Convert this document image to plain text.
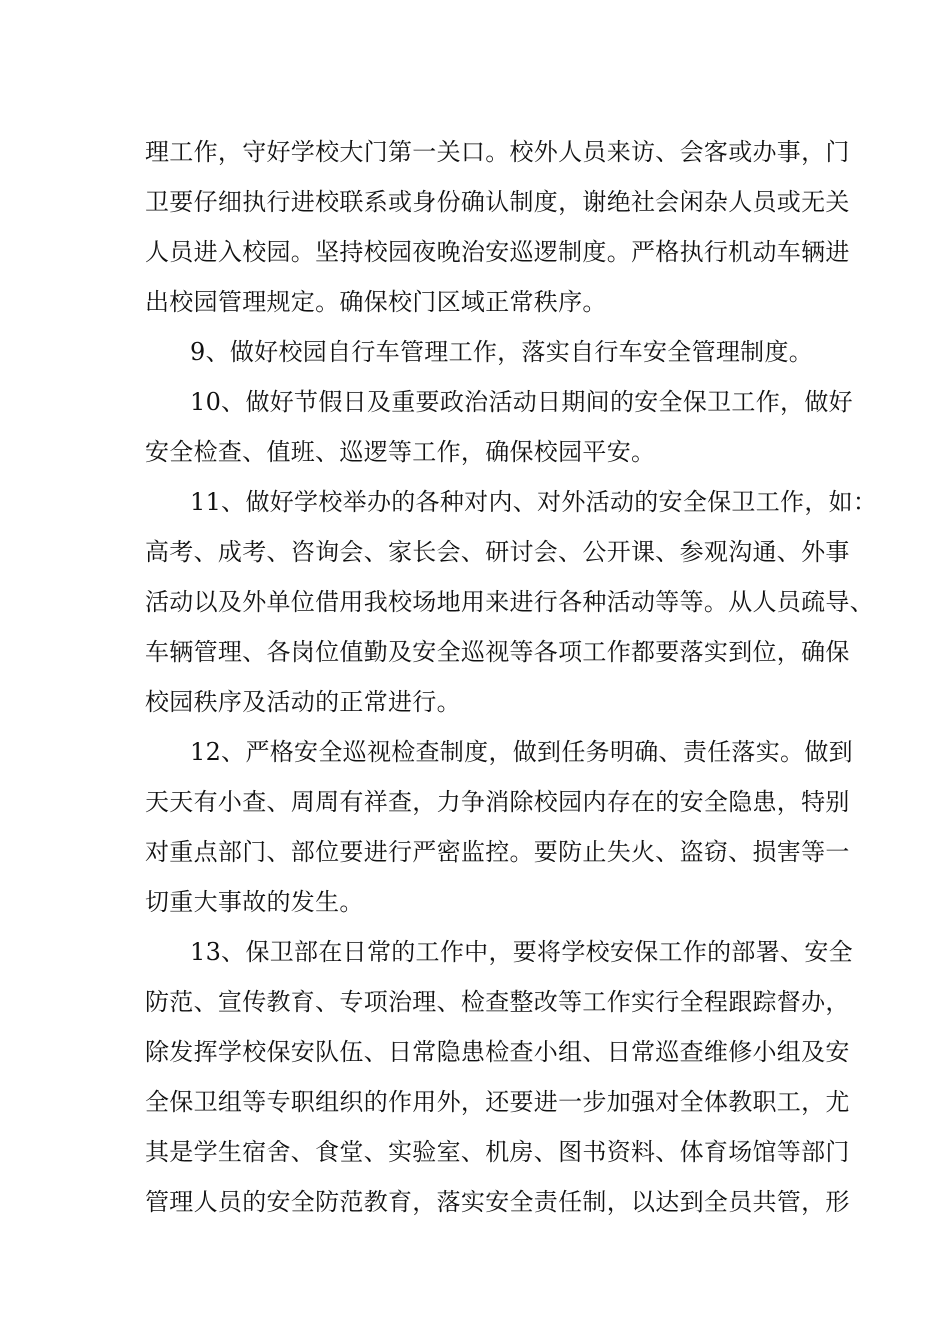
理工作，守好学校大门第一关口。校外人员来访、会客或办事，门
卫要仔细执行进校联系或身份确认制度，谢绝社会闲杂人员或无关
人员进入校园。坚持校园夜晚治安巡逻制度。严格执行机动车辆进
出校园管理规定。确保校门区域正常秩序。
9、做好校园自行车管理工作，落实自行车安全管理制度。
10、做好节假日及重要政治活动日期间的安全保卫工作，做好
安全检查、值班、巡逻等工作，确保校园平安。
11、做好学校举办的各种对内、对外活动的安全保卫工作，如：
高考、成考、咨询会、家长会、研讨会、公开课、参观沟通、外事
活动以及外单位借用我校场地用来进行各种活动等等。从人员疏导、
车辆管理、各岗位值勤及安全巡视等各项工作都要落实到位，确保
校园秩序及活动的正常进行。
12、严格安全巡视检查制度，做到任务明确、责任落实。做到
天天有小查、周周有祥查，力争消除校园内存在的安全隐患，特别
对重点部门、部位要进行严密监控。要防止失火、盗窃、损害等一
切重大事故的发生。
13、保卫部在日常的工作中，要将学校安保工作的部署、安全
防范、宣传教育、专项治理、检查整改等工作实行全程跟踪督办，
除发挥学校保安队伍、日常隐患检查小组、日常巡查维修小组及安
全保卫组等专职组织的作用外，还要进一步加强对全体教职工，尤
其是学生宿舍、食堂、实验室、机房、图书资料、体育场馆等部门
管理人员的安全防范教育，落实安全责任制，以达到全员共管，形
